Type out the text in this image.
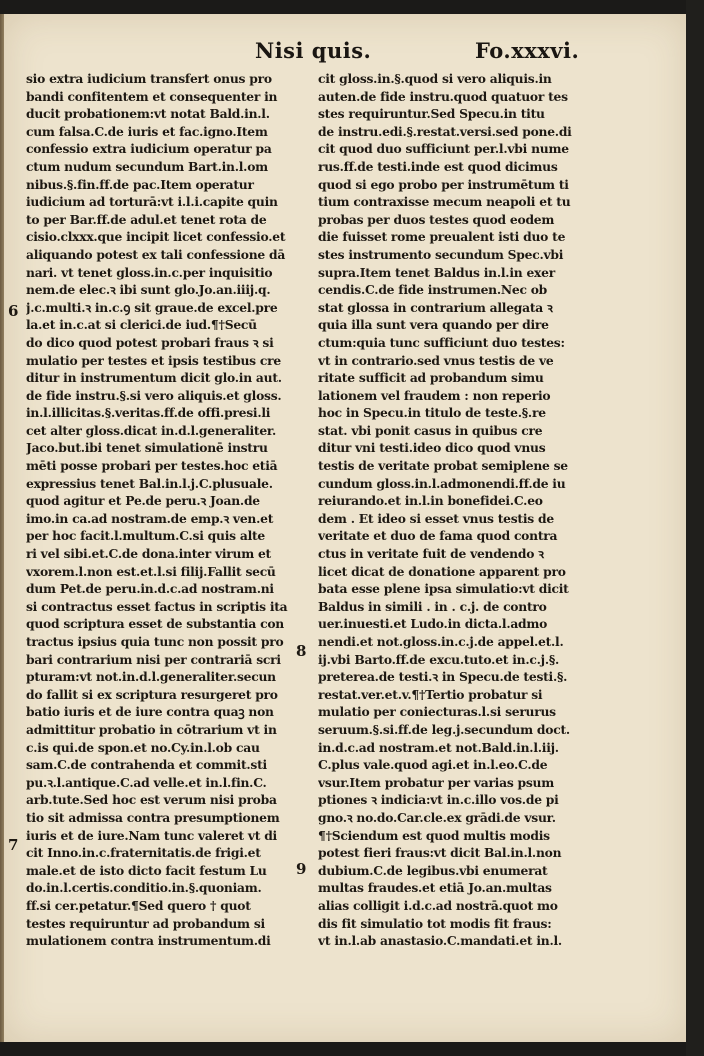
Nisi quis.	Fo.xxxvi.
sio extra iudicium transfert onus pro
bandi confitentem et consequenter in
ducit probationem:vt notat Bald.in.l.
cum falsa.C.de iuris et fac.igno.Item
confessio extra iudicium operatur pa
ctum nudum secundum Bart.in.l.om
nibus.§.fin.ff.de pac.Item operatur
iudicium ad torturā:vt i.l.i.capite quin
to per Bar.ff.de adul.et tenet rota de
cisio.clxxx.que incipit licet confessio.et
aliquando potest ex tali confessione dā
nari. vt tenet gloss.in.c.per inquisitio
nem.de elec.ꝛ ibi sunt glo.Jo.an.iiij.q.
j.c.multi.ꝛ in.c.ꝯ sit graue.de excel.pre
la.et in.c.at si clerici.de iud.¶†Secū
do dico quod potest probari fraus ꝛ si
mulatio per testes et ipsis testibus cre
ditur in instrumentum dicit glo.in aut.
de fide instru.§.si vero aliquis.et gloss.
in.l.illicitas.§.veritas.ff.de offi.presi.li
cet alter gloss.dicat in.d.l.generaliter.
Jaco.but.ibi tenet simulationē instru
mēti posse probari per testes.hoc etiā
expressius tenet Bal.in.l.j.C.plusuale.
quod agitur et Pe.de peru.ꝛ Joan.de
imo.in ca.ad nostram.de emp.ꝛ ven.et
per hoc facit.l.multum.C.si quis alte
ri vel sibi.et.C.de dona.inter virum et
vxorem.l.non est.et.l.si filij.Fallit secū
dum Pet.de peru.in.d.c.ad nostram.ni
si contractus esset factus in scriptis ita
quod scriptura esset de substantia con
tractus ipsius quia tunc non possit pro
bari contrarium nisi per contrariā scri
pturam:vt not.in.d.l.generaliter.secun
do fallit si ex scriptura resurgeret pro
batio iuris et de iure contra quaꝫ non
admittitur probatio in cōtrarium vt in
c.is qui.de spon.et no.Cy.in.l.ob cau
sam.C.de contrahenda et commit.sti
pu.ꝛ.l.antique.C.ad velle.et in.l.fin.C.
arb.tute.Sed hoc est verum nisi proba
tio sit admissa contra presumptionem
iuris et de iure.Nam tunc valeret vt di
cit Inno.in.c.fraternitatis.de frigi.et
male.et de isto dicto facit festum Lu
do.in.l.certis.conditio.in.§.quoniam.
ff.si cer.petatur.¶Sed quero † quot
testes requiruntur ad probandum si
mulationem contra instrumentum.di
cit gloss.in.§.quod si vero aliquis.in
auten.de fide instru.quod quatuor tes
stes requiruntur.Sed Specu.in titu
de instru.edi.§.restat.versi.sed pone.di
cit quod duo sufficiunt per.l.vbi nume
rus.ff.de testi.inde est quod dicimus
quod si ego probo per instrumētum ti
tium contraxisse mecum neapoli et tu
probas per duos testes quod eodem
die fuisset rome preualent isti duo te
stes instrumento secundum Spec.vbi
supra.Item tenet Baldus in.l.in exer
cendis.C.de fide instrumen.Nec ob
stat glossa in contrarium allegata ꝛ
quia illa sunt vera quando per dire
ctum:quia tunc sufficiunt duo testes:
vt in contrario.sed vnus testis de ve
ritate sufficit ad probandum simu
lationem vel fraudem : non reperio
hoc in Specu.in titulo de teste.§.re
stat. vbi ponit casus in quibus cre
ditur vni testi.ideo dico quod vnus
testis de veritate probat semiplene se
cundum gloss.in.l.admonendi.ff.de iu
reiurando.et in.l.in bonefidei.C.eo
dem . Et ideo si esset vnus testis de
veritate et duo de fama quod contra
ctus in veritate fuit de vendendo ꝛ
licet dicat de donatione apparent pro
bata esse plene ipsa simulatio:vt dicit
Baldus in simili . in . c.j. de contro
uer.inuesti.et Ludo.in dicta.l.admo
nendi.et not.gloss.in.c.j.de appel.et.l.
ij.vbi Barto.ff.de excu.tuto.et in.c.j.§.
preterea.de testi.ꝛ in Specu.de testi.§.
restat.ver.et.v.¶†Tertio probatur si
mulatio per coniecturas.l.si serurus
seruum.§.si.ff.de leg.j.secundum doct.
in.d.c.ad nostram.et not.Bald.in.l.iij.
C.plus vale.quod agi.et in.l.eo.C.de
vsur.Item probatur per varias psum
ptiones ꝛ indicia:vt in.c.illo vos.de pi
gno.ꝛ no.do.Car.cle.ex grādi.de vsur.
¶†Sciendum est quod multis modis
potest fieri fraus:vt dicit Bal.in.l.non
dubium.C.de legibus.vbi enumerat
multas fraudes.et etiā Jo.an.multas
alias colligit i.d.c.ad nostrā.quot mo
dis fit simulatio tot modis fit fraus:
vt in.l.ab anastasio.C.mandati.et in.l.
6
7
8
9
